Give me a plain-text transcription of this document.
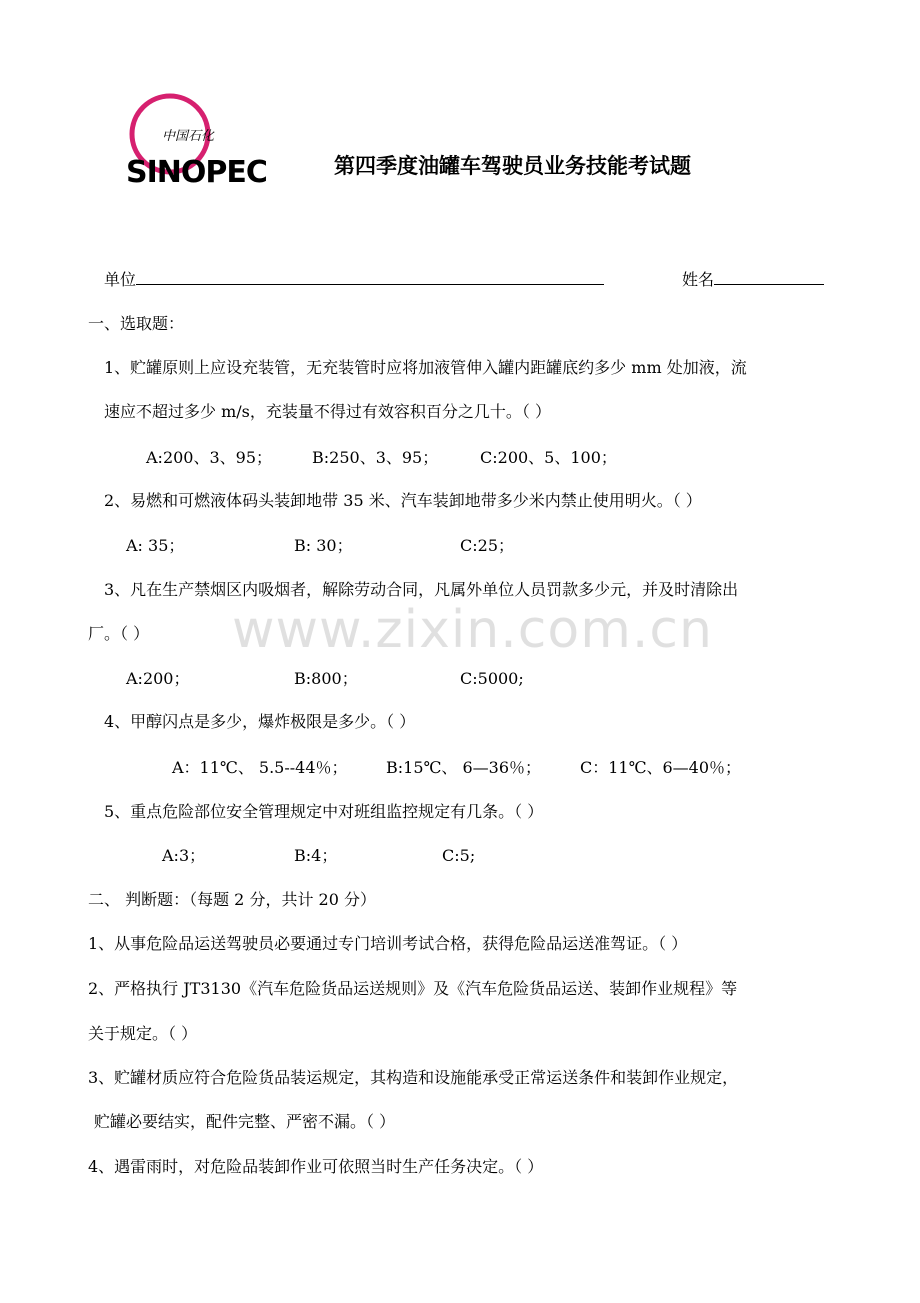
中国石化
SINOPEC	第四季度油罐车驾驶员业务技能考试题
www.zixin.com.cn
单位	姓名
一、选取题：
1、贮罐原则上应设充装管，无充装管时应将加液管伸入罐内距罐底约多少 mm 处加液，流
速应不超过多少 m/s，充装量不得过有效容积百分之几十。（ ）
A:200、3、95； B:250、3、95；	C:200、5、100；
2、易燃和可燃液体码头装卸地带 35 米、汽车装卸地带多少米内禁止使用明火。（ ）
A: 35；	B: 30；	C:25；
3、凡在生产禁烟区内吸烟者，解除劳动合同，凡属外单位人员罚款多少元，并及时清除出
厂。（ ）
A:200；	B:800；	C:5000;
4、甲醇闪点是多少，爆炸极限是多少。（ ）
A：11℃、 5.5--44％； B:15℃、 6—36％； C：11℃、6—40％；
5、重点危险部位安全管理规定中对班组监控规定有几条。（ ）
A:3；	B:4；	C:5;
二、 判断题：（每题 2 分，共计 20 分）
1、从事危险品运送驾驶员必要通过专门培训考试合格，获得危险品运送准驾证。（ ）
2、严格执行 JT3130《汽车危险货品运送规则》及《汽车危险货品运送、装卸作业规程》等
关于规定。（ ）
3、贮罐材质应符合危险货品装运规定，其构造和设施能承受正常运送条件和装卸作业规定，
贮罐必要结实，配件完整、严密不漏。（ ）
4、遇雷雨时，对危险品装卸作业可依照当时生产任务决定。（ ）
